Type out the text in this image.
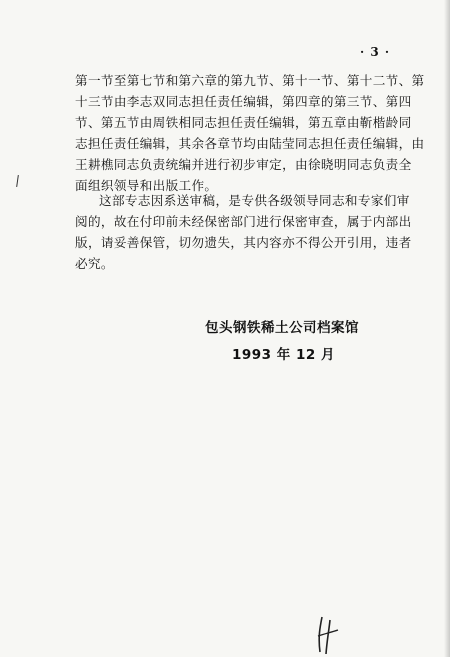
· 3 ·
第一节至第七节和第六章的第九节、第十一节、第十二节、第
十三节由李志双同志担任责任编辑，第四章的第三节、第四
节、第五节由周铁相同志担任责任编辑，第五章由靳楷龄同
志担任责任编辑，其余各章节均由陆莹同志担任责任编辑，由
王耕樵同志负责统编并进行初步审定，由徐晓明同志负责全
面组织领导和出版工作。
这部专志因系送审稿，是专供各级领导同志和专家们审
阅的，故在付印前未经保密部门进行保密审查，属于内部出
版，请妥善保管，切勿遗失，其内容亦不得公开引用，违者
必究。
包头钢铁稀土公司档案馆
1993 年 12 月
